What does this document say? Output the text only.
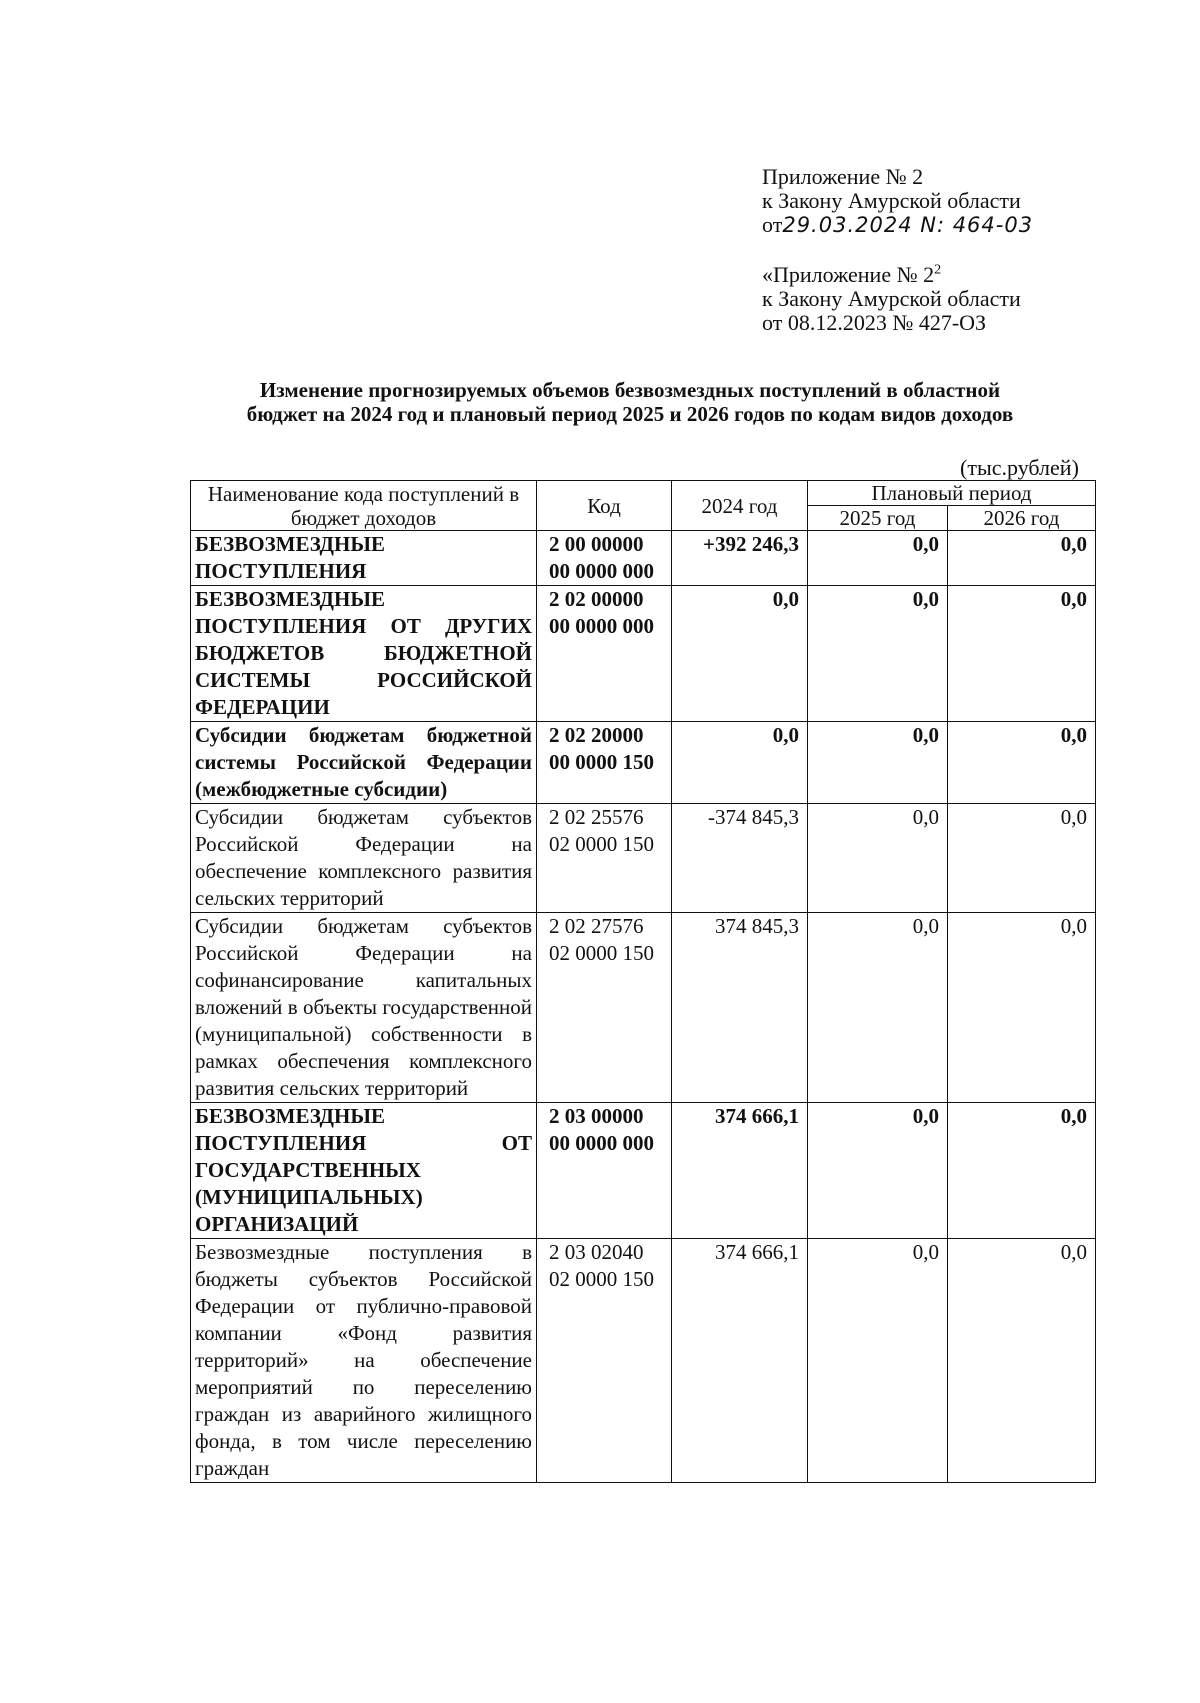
Приложение № 2
к Закону Амурской области
от29.03.2024 N: 464-03
«Приложение № $2^2$
к Закону Амурской области
от 08.12.2023 № 427-ОЗ
Изменение прогнозируемых объемов безвозмездных поступлений в областной
бюджет на 2024 год и плановый период 2025 и 2026 годов по кодам видов доходов
(тыс.рублей)
Наименование кода поступлений в бюджет доходов	Код	2024 год	Плановый период	
			2025 год	2026 год
БЕЗВОЗМЕЗДНЫЕ ПОСТУПЛЕНИЯ	2 00 00000 00 0000 000	+392 246,3	0,0	0,0
БЕЗВОЗМЕЗДНЫЕ ПОСТУПЛЕНИЯ ОТ ДРУГИХ БЮДЖЕТОВ БЮДЖЕТНОЙ СИСТЕМЫ РОССИЙСКОЙ ФЕДЕРАЦИИ	2 02 00000 00 0000 000	0,0	0,0	0,0
Субсидии бюджетам бюджетной системы Российской Федерации (межбюджетные субсидии)	2 02 20000 00 0000 150	0,0	0,0	0,0
Субсидии бюджетам субъектов Российской Федерации на обеспечение комплексного развития сельских территорий	2 02 25576 02 0000 150	-374 845,3	0,0	0,0
Субсидии бюджетам субъектов Российской Федерации на софинансирование капитальных вложений в объекты государственной (муниципальной) собственности в рамках обеспечения комплексного развития сельских территорий	2 02 27576 02 0000 150	374 845,3	0,0	0,0
БЕЗВОЗМЕЗДНЫЕ ПОСТУПЛЕНИЯ ОТ ГОСУДАРСТВЕННЫХ (МУНИЦИПАЛЬНЫХ) ОРГАНИЗАЦИЙ	2 03 00000 00 0000 000	374 666,1	0,0	0,0
Безвозмездные поступления в бюджеты субъектов Российской Федерации от публично-правовой компании «Фонд развития территорий» на обеспечение мероприятий по переселению граждан из аварийного жилищного фонда, в том числе переселению граждан	2 03 02040 02 0000 150	374 666,1	0,0	0,0
